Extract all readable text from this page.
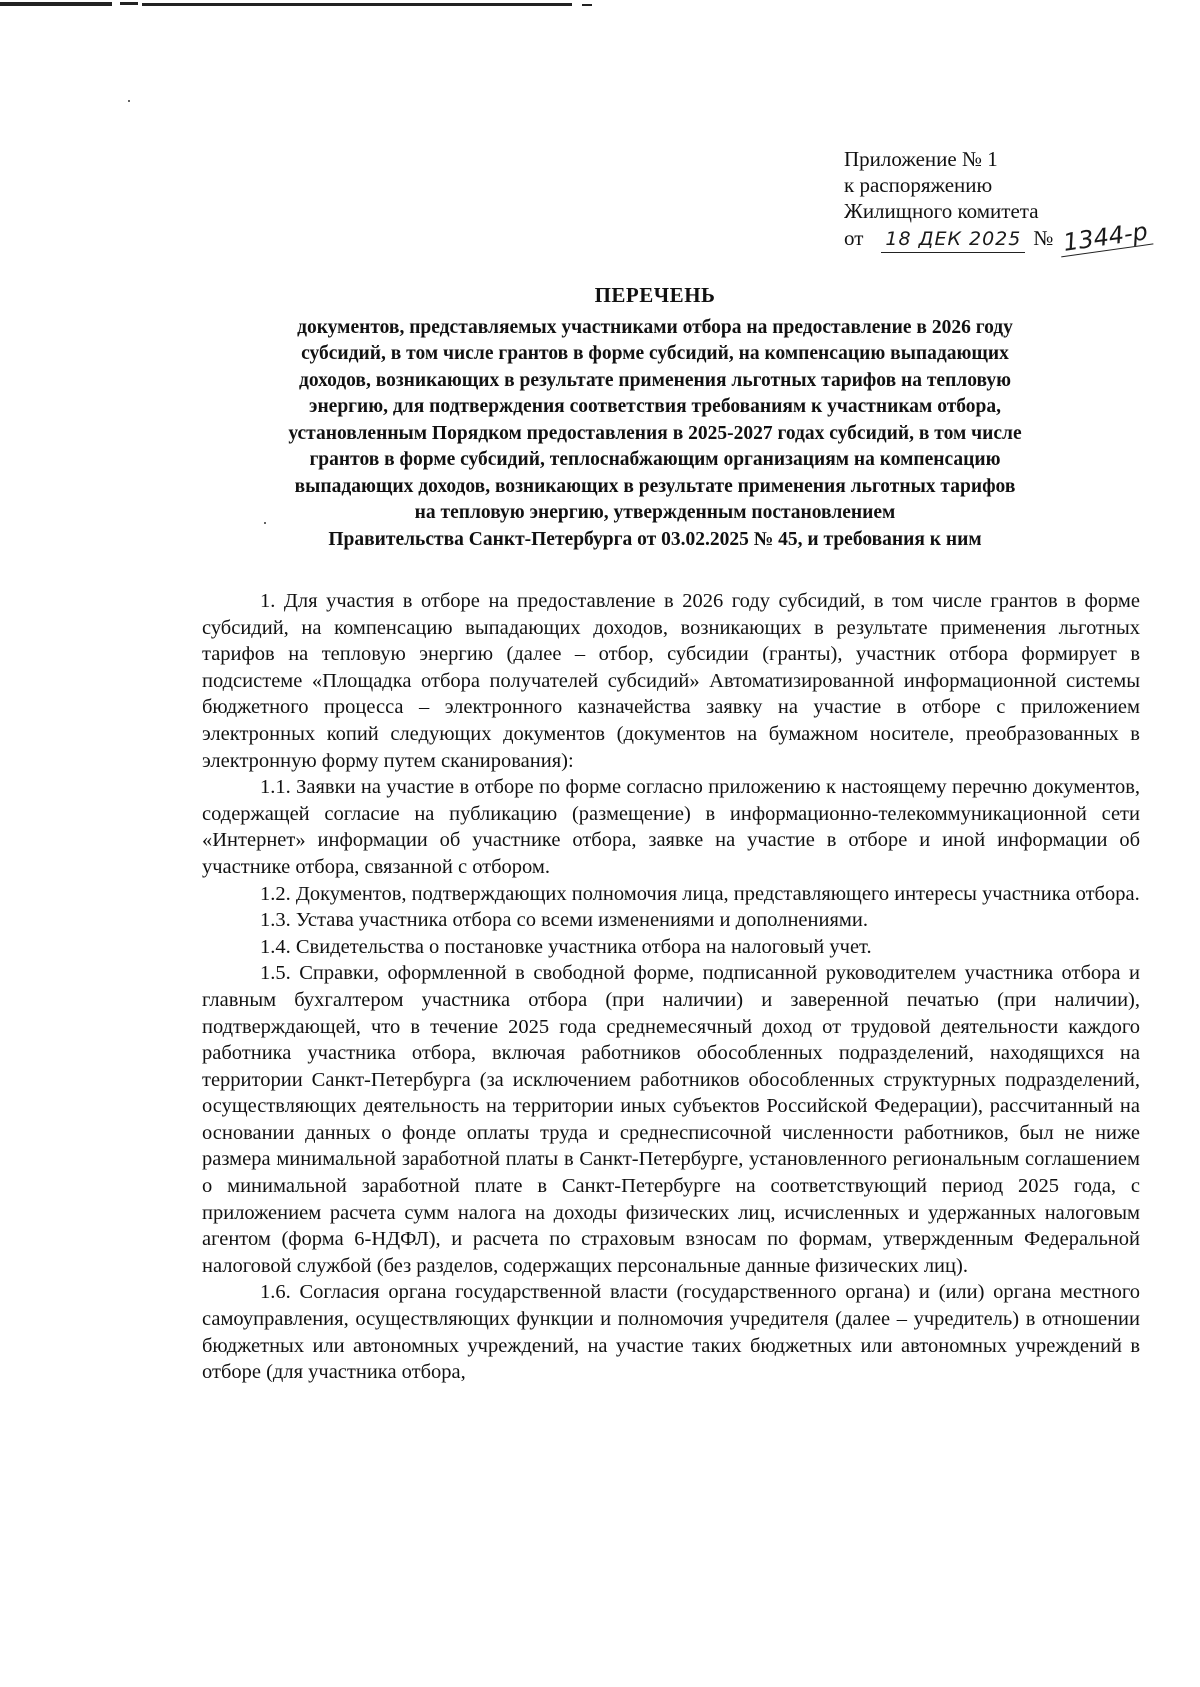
Приложение № 1
к распоряжению
Жилищного комитета
от 18 ДЕК 2025 № 1344-р
ПЕРЕЧЕНЬ
документов, представляемых участниками отбора на предоставление в 2026 году
субсидий, в том числе грантов в форме субсидий, на компенсацию выпадающих
доходов, возникающих в результате применения льготных тарифов на тепловую
энергию, для подтверждения соответствия требованиям к участникам отбора,
установленным Порядком предоставления в 2025-2027 годах субсидий, в том числе
грантов в форме субсидий, теплоснабжающим организациям на компенсацию
выпадающих доходов, возникающих в результате применения льготных тарифов
на тепловую энергию, утвержденным постановлением
Правительства Санкт-Петербурга от 03.02.2025 № 45, и требования к ним

1. Для участия в отборе на предоставление в 2026 году субсидий, в том числе грантов в форме субсидий, на компенсацию выпадающих доходов, возникающих в результате применения льготных тарифов на тепловую энергию (далее – отбор, субсидии (гранты), участник отбора формирует в подсистеме «Площадка отбора получателей субсидий» Автоматизированной информационной системы бюджетного процесса – электронного казначейства заявку на участие в отборе с приложением электронных копий следующих документов (документов на бумажном носителе, преобразованных в электронную форму путем сканирования):

1.1. Заявки на участие в отборе по форме согласно приложению к настоящему перечню документов, содержащей согласие на публикацию (размещение) в информационно-телекоммуникационной сети «Интернет» информации об участнике отбора, заявке на участие в отборе и иной информации об участнике отбора, связанной с отбором.

1.2. Документов, подтверждающих полномочия лица, представляющего интересы участника отбора.

1.3. Устава участника отбора со всеми изменениями и дополнениями.

1.4. Свидетельства о постановке участника отбора на налоговый учет.

1.5. Справки, оформленной в свободной форме, подписанной руководителем участника отбора и главным бухгалтером участника отбора (при наличии) и заверенной печатью (при наличии), подтверждающей, что в течение 2025 года среднемесячный доход от трудовой деятельности каждого работника участника отбора, включая работников обособленных подразделений, находящихся на территории Санкт-Петербурга (за исключением работников обособленных структурных подразделений, осуществляющих деятельность на территории иных субъектов Российской Федерации), рассчитанный на основании данных о фонде оплаты труда и среднесписочной численности работников, был не ниже размера минимальной заработной платы в Санкт-Петербурге, установленного региональным соглашением о минимальной заработной плате в Санкт-Петербурге на соответствующий период 2025 года, с приложением расчета сумм налога на доходы физических лиц, исчисленных и удержанных налоговым агентом (форма 6-НДФЛ), и расчета по страховым взносам по формам, утвержденным Федеральной налоговой службой (без разделов, содержащих персональные данные физических лиц).

1.6. Согласия органа государственной власти (государственного органа) и (или) органа местного самоуправления, осуществляющих функции и полномочия учредителя (далее – учредитель) в отношении бюджетных или автономных учреждений, на участие таких бюджетных или автономных учреждений в отборе (для участника отбора,
